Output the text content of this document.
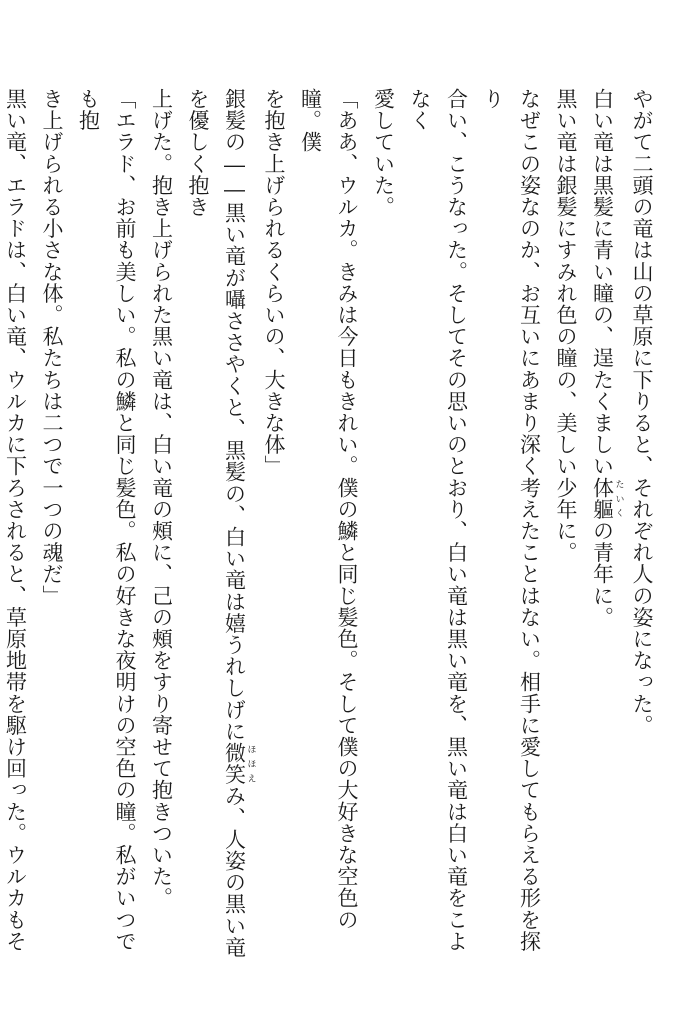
やがて二頭の竜は山の草原に下りると、それぞれ人の姿になった。
白い竜は黒髪に青い瞳の、逞たくましい体軀 たいくの青年に。
黒い竜は銀髪にすみれ色の瞳の、美しい少年に。
なぜこの姿なのか、お互いにあまり深く考えたことはない。相手に愛してもらえる形を探り
合い、こうなった。そしてその思いのとおり、白い竜は黒い竜を、黒い竜は白い竜をこよなく
愛していた。
「ああ、ウルカ。きみは今日もきれい。僕の鱗と同じ髪色。そして僕の大好きな空色の瞳。僕
を抱き上げられるくらいの、大きな体」
銀髪の――黒い竜が囁ささやくと、黒髪の、白い竜は嬉うれしげに微笑 ほほえみ、人姿の黒い竜を優しく抱き
上げた。抱き上げられた黒い竜は、白い竜の頰に、己の頰をすり寄せて抱きついた。
「エラド、お前も美しい。私の鱗と同じ髪色。私の好きな夜明けの空色の瞳。私がいつでも抱
き上げられる小さな体。私たちは二つで一つの魂だ」
黒い竜、エラドは、白い竜、ウルカに下ろされると、草原地帯を駆け回った。ウルカもそ
